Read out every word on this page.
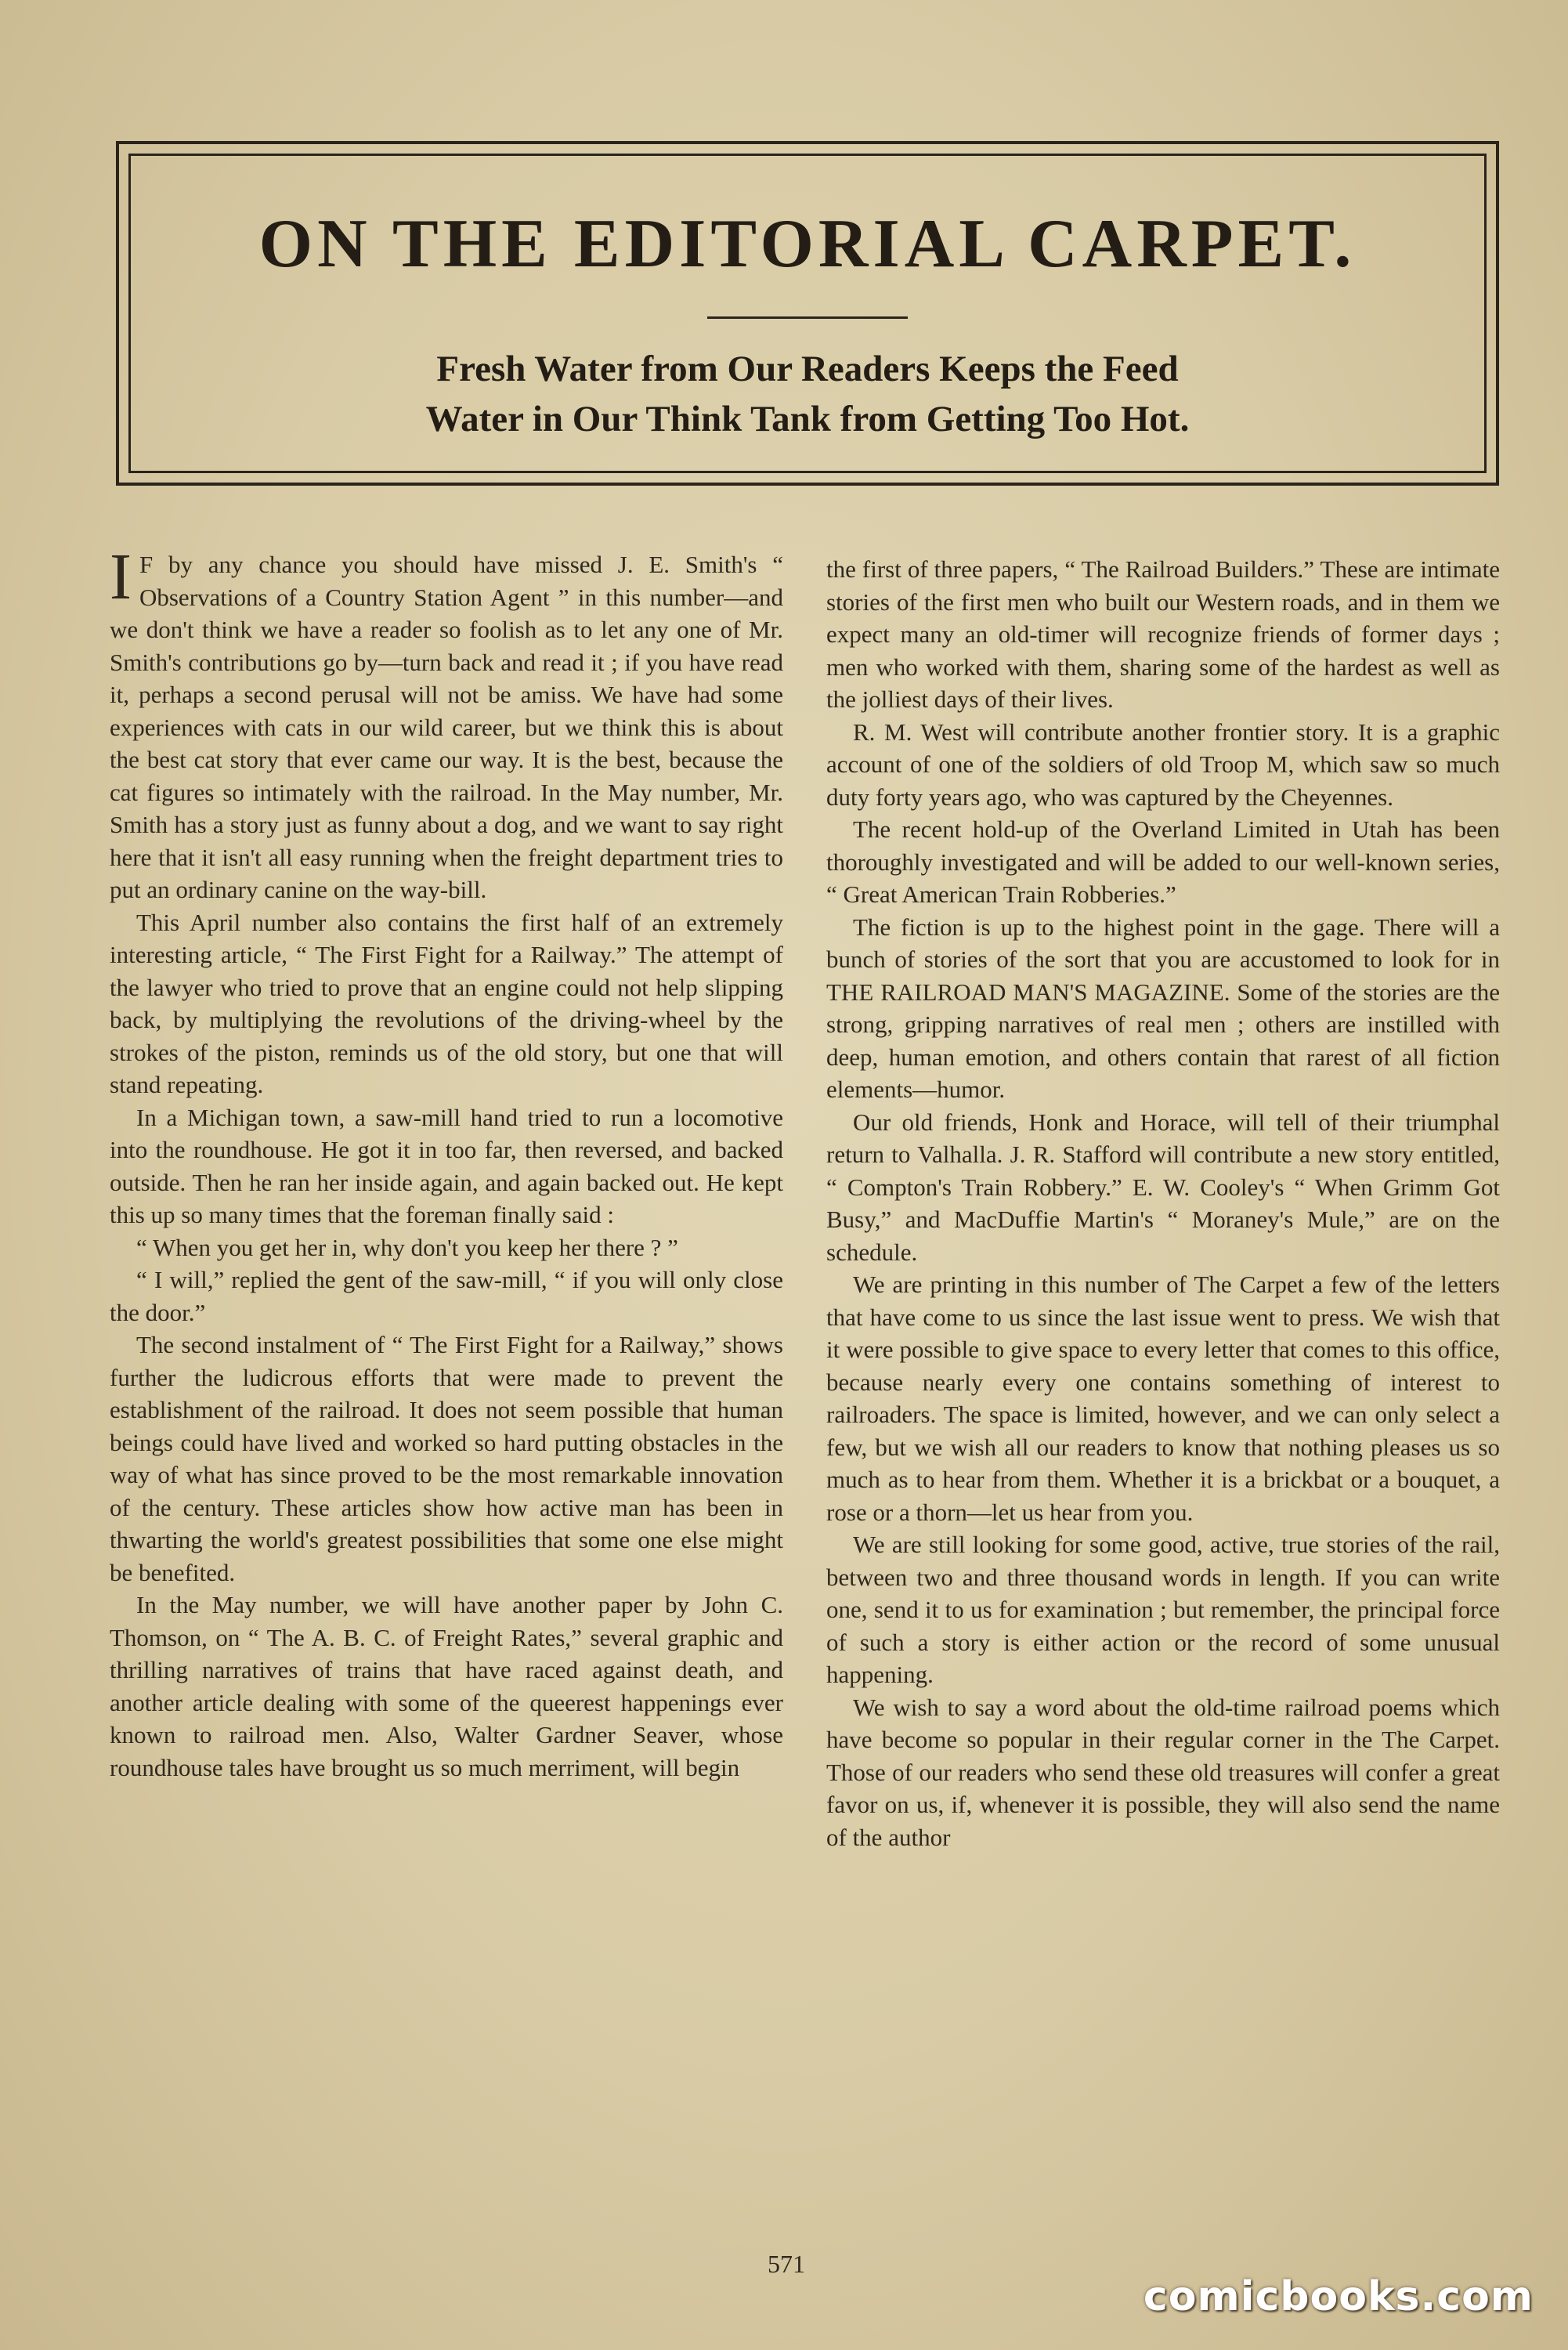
ON THE EDITORIAL CARPET.
Fresh Water from Our Readers Keeps the Feed
Water in Our Think Tank from Getting Too Hot.

I F by any chance you should have missed J. E. Smith's “ Observations of a Country Station Agent ” in this number—and we don't think we have a reader so foolish as to let any one of Mr. Smith's contributions go by—turn back and read it ; if you have read it, perhaps a second perusal will not be amiss. We have had some experiences with cats in our wild career, but we think this is about the best cat story that ever came our way. It is the best, because the cat figures so intimately with the railroad. In the May number, Mr. Smith has a story just as funny about a dog, and we want to say right here that it isn't all easy running when the freight department tries to put an ordinary canine on the way-bill.

This April number also contains the first half of an extremely interesting article, “ The First Fight for a Railway.” The attempt of the lawyer who tried to prove that an engine could not help slipping back, by multiplying the revolutions of the driving-wheel by the strokes of the piston, reminds us of the old story, but one that will stand repeating.

In a Michigan town, a saw-mill hand tried to run a locomotive into the roundhouse. He got it in too far, then reversed, and backed outside. Then he ran her inside again, and again backed out. He kept this up so many times that the foreman finally said :

“ When you get her in, why don't you keep her there ? ”

“ I will,” replied the gent of the saw-mill, “ if you will only close the door.”

The second instalment of “ The First Fight for a Railway,” shows further the ludicrous efforts that were made to prevent the establishment of the railroad. It does not seem possible that human beings could have lived and worked so hard putting obstacles in the way of what has since proved to be the most remarkable innovation of the century. These articles show how active man has been in thwarting the world's greatest possibilities that some one else might be benefited.

In the May number, we will have another paper by John C. Thomson, on “ The A. B. C. of Freight Rates,” several graphic and thrilling narratives of trains that have raced against death, and another article dealing with some of the queerest happenings ever known to railroad men. Also, Walter Gardner Seaver, whose roundhouse tales have brought us so much merriment, will begin

the first of three papers, “ The Railroad Builders.” These are intimate stories of the first men who built our Western roads, and in them we expect many an old-timer will recognize friends of former days ; men who worked with them, sharing some of the hardest as well as the jolliest days of their lives.

R. M. West will contribute another frontier story. It is a graphic account of one of the soldiers of old Troop M, which saw so much duty forty years ago, who was captured by the Cheyennes.

The recent hold-up of the Overland Limited in Utah has been thoroughly investigated and will be added to our well-known series, “ Great American Train Robberies.”

The fiction is up to the highest point in the gage. There will a bunch of stories of the sort that you are accustomed to look for in THE RAILROAD MAN'S MAGAZINE. Some of the stories are the strong, gripping narratives of real men ; others are instilled with deep, human emotion, and others contain that rarest of all fiction elements—humor.

Our old friends, Honk and Horace, will tell of their triumphal return to Valhalla. J. R. Stafford will contribute a new story entitled, “ Compton's Train Robbery.” E. W. Cooley's “ When Grimm Got Busy,” and MacDuffie Martin's “ Moraney's Mule,” are on the schedule.

We are printing in this number of The Carpet a few of the letters that have come to us since the last issue went to press. We wish that it were possible to give space to every letter that comes to this office, because nearly every one contains something of interest to railroaders. The space is limited, however, and we can only select a few, but we wish all our readers to know that nothing pleases us so much as to hear from them. Whether it is a brickbat or a bouquet, a rose or a thorn—let us hear from you.

We are still looking for some good, active, true stories of the rail, between two and three thousand words in length. If you can write one, send it to us for examination ; but remember, the principal force of such a story is either action or the record of some unusual happening.

We wish to say a word about the old-time railroad poems which have become so popular in their regular corner in the The Carpet. Those of our readers who send these old treasures will confer a great favor on us, if, whenever it is possible, they will also send the name of the author

571
comicbooks.com
